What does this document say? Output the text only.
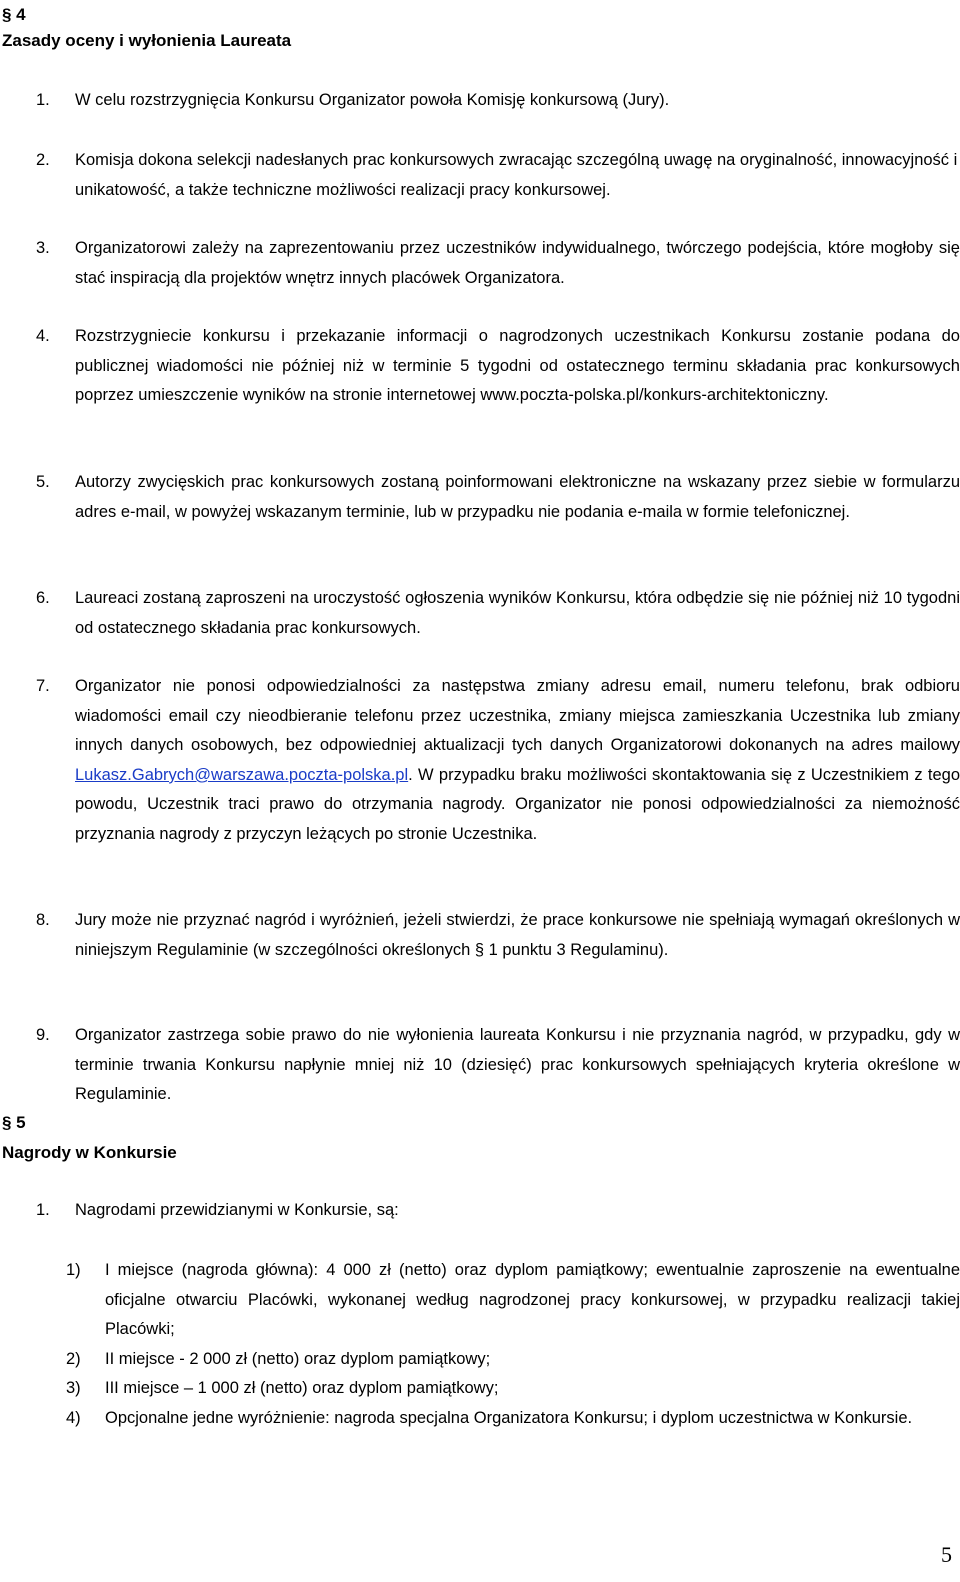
§ 4
Zasady oceny i wyłonienia Laureata
1.	W celu rozstrzygnięcia Konkursu Organizator powoła Komisję konkursową (Jury).
2.	Komisja dokona selekcji nadesłanych prac konkursowych zwracając szczególną uwagę na oryginalność, innowacyjność i unikatowość, a także techniczne możliwości realizacji pracy konkursowej.
3.	Organizatorowi zależy na zaprezentowaniu przez uczestników indywidualnego, twórczego podejścia, które mogłoby się stać inspiracją dla projektów wnętrz innych placówek Organizatora.
4.	Rozstrzygniecie konkursu i przekazanie informacji o nagrodzonych uczestnikach Konkursu zostanie podana do publicznej wiadomości nie później niż w terminie 5 tygodni od ostatecznego terminu składania prac konkursowych poprzez umieszczenie wyników na stronie internetowej www.poczta-polska.pl/konkurs-architektoniczny.
5.	Autorzy zwycięskich prac konkursowych zostaną poinformowani elektroniczne na wskazany przez siebie w formularzu adres e-mail, w powyżej wskazanym terminie, lub w przypadku nie podania e-maila w formie telefonicznej.
6.	Laureaci zostaną zaproszeni na uroczystość ogłoszenia wyników Konkursu, która odbędzie się nie później niż 10 tygodni od ostatecznego składania prac konkursowych.
7.	Organizator nie ponosi odpowiedzialności za następstwa zmiany adresu email, numeru telefonu, brak odbioru wiadomości email czy nieodbieranie telefonu przez uczestnika, zmiany miejsca zamieszkania Uczestnika lub zmiany innych danych osobowych, bez odpowiedniej aktualizacji tych danych Organizatorowi dokonanych na adres mailowy Lukasz.Gabrych@warszawa.poczta-polska.pl. W przypadku braku możliwości skontaktowania się z Uczestnikiem z tego powodu, Uczestnik traci prawo do otrzymania nagrody. Organizator nie ponosi odpowiedzialności za niemożność przyznania nagrody z przyczyn leżących po stronie Uczestnika.
8.	Jury może nie przyznać nagród i wyróżnień, jeżeli stwierdzi, że prace konkursowe nie spełniają wymagań określonych w niniejszym Regulaminie (w szczególności określonych § 1 punktu 3 Regulaminu).
9.	Organizator zastrzega sobie prawo do nie wyłonienia laureata Konkursu i nie przyznania nagród, w przypadku, gdy w terminie trwania Konkursu napłynie mniej niż 10 (dziesięć) prac konkursowych spełniających kryteria określone w Regulaminie.
§ 5
Nagrody w Konkursie
1.	Nagrodami przewidzianymi w Konkursie, są:
1)	I miejsce (nagroda główna): 4 000 zł (netto) oraz dyplom pamiątkowy; ewentualnie zaproszenie na ewentualne oficjalne otwarciu Placówki, wykonanej według nagrodzonej pracy konkursowej, w przypadku realizacji takiej Placówki;
2)	II miejsce - 2 000 zł (netto) oraz dyplom pamiątkowy;
3)	III miejsce – 1 000 zł (netto) oraz dyplom pamiątkowy;
4)	Opcjonalne jedne wyróżnienie: nagroda specjalna Organizatora Konkursu; i dyplom uczestnictwa w Konkursie.
5
